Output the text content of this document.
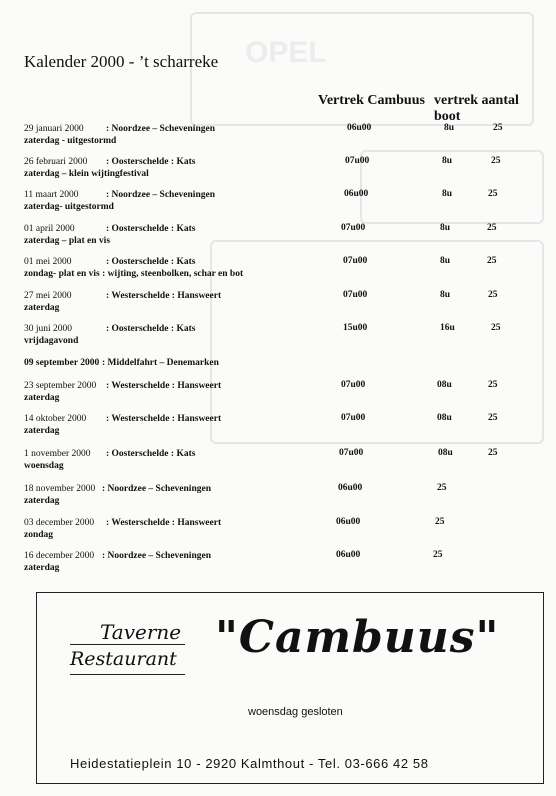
OPEL
Kalender 2000 - ’t scharreke
Vertrek Cambuus vertrek aantal boot
29 januari 2000 : Noordzee – Scheveningen
zaterdag - uitgestormd
06u00	8u	25
26 februari 2000 : Oosterschelde : Kats
zaterdag – klein wijtingfestival
07u00	8u	25
11 maart 2000	: Noordzee – Scheveningen
zaterdag- uitgestormd
06u00	8u	25
01 april 2000	: Oosterschelde : Kats
zaterdag – plat en vis
07u00	8u	25
01 mei 2000	: Oosterschelde : Kats
zondag- plat en vis : wijting, steenbolken, schar en bot
07u00	8u	25
27 mei 2000	: Westerschelde : Hansweert
zaterdag
07u00	8u	25
30 juni 2000	: Oosterschelde : Kats
vrijdagavond
15u00	16u	25
09 september 2000 : Middelfahrt – Denemarken
23 september 2000 : Westerschelde : Hansweert
zaterdag
07u00	08u	25
14 oktober 2000 : Westerschelde : Hansweert
zaterdag
07u00	08u	25
1 november 2000 : Oosterschelde : Kats
woensdag
07u00	08u	25
18 november 2000 : Noordzee – Scheveningen
zaterdag
06u00	25
03 december 2000 : Westerschelde : Hansweert
zondag
06u00	25
16 december 2000 : Noordzee – Scheveningen
zaterdag
06u00	25
Taverne
Restaurant "Cambuus"
woensdag gesloten
Heidestatieplein 10 - 2920 Kalmthout - Tel. 03-666 42 58
